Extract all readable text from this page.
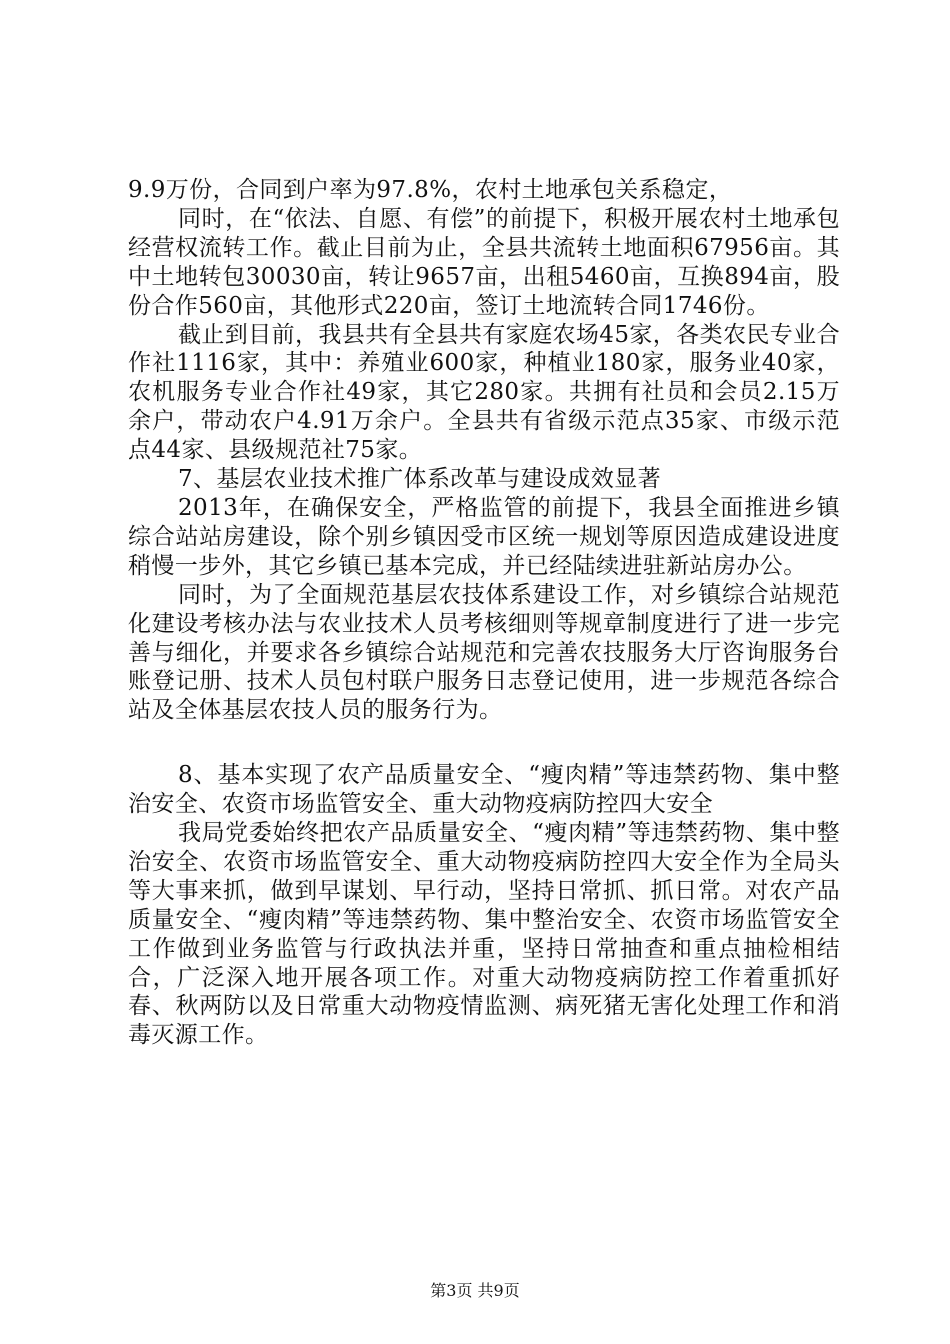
9.9万份，合同到户率为97.8%，农村土地承包关系稳定，

同时，在“依法、自愿、有偿”的前提下，积极开展农村土地承包经营权流转工作。截止目前为止，全县共流转土地面积67956亩。其中土地转包30030亩，转让9657亩，出租5460亩，互换894亩，股份合作560亩，其他形式220亩，签订土地流转合同1746份。

截止到目前，我县共有全县共有家庭农场45家，各类农民专业合作社1116家，其中：养殖业600家，种植业180家，服务业40家，农机服务专业合作社49家，其它280家。共拥有社员和会员2.15万余户，带动农户4.91万余户。全县共有省级示范点35家、市级示范点44家、县级规范社75家。

7、基层农业技术推广体系改革与建设成效显著

2013年，在确保安全，严格监管的前提下，我县全面推进乡镇综合站站房建设，除个别乡镇因受市区统一规划等原因造成建设进度稍慢一步外，其它乡镇已基本完成，并已经陆续进驻新站房办公。

同时，为了全面规范基层农技体系建设工作，对乡镇综合站规范化建设考核办法与农业技术人员考核细则等规章制度进行了进一步完善与细化，并要求各乡镇综合站规范和完善农技服务大厅咨询服务台账登记册、技术人员包村联户服务日志登记使用，进一步规范各综合站及全体基层农技人员的服务行为。

8、基本实现了农产品质量安全、“瘦肉精”等违禁药物、集中整治安全、农资市场监管安全、重大动物疫病防控四大安全

我局党委始终把农产品质量安全、“瘦肉精”等违禁药物、集中整治安全、农资市场监管安全、重大动物疫病防控四大安全作为全局头等大事来抓，做到早谋划、早行动，坚持日常抓、抓日常。对农产品质量安全、“瘦肉精”等违禁药物、集中整治安全、农资市场监管安全工作做到业务监管与行政执法并重，坚持日常抽查和重点抽检相结合，广泛深入地开展各项工作。对重大动物疫病防控工作着重抓好春、秋两防以及日常重大动物疫情监测、病死猪无害化处理工作和消毒灭源工作。

第3页 共9页
